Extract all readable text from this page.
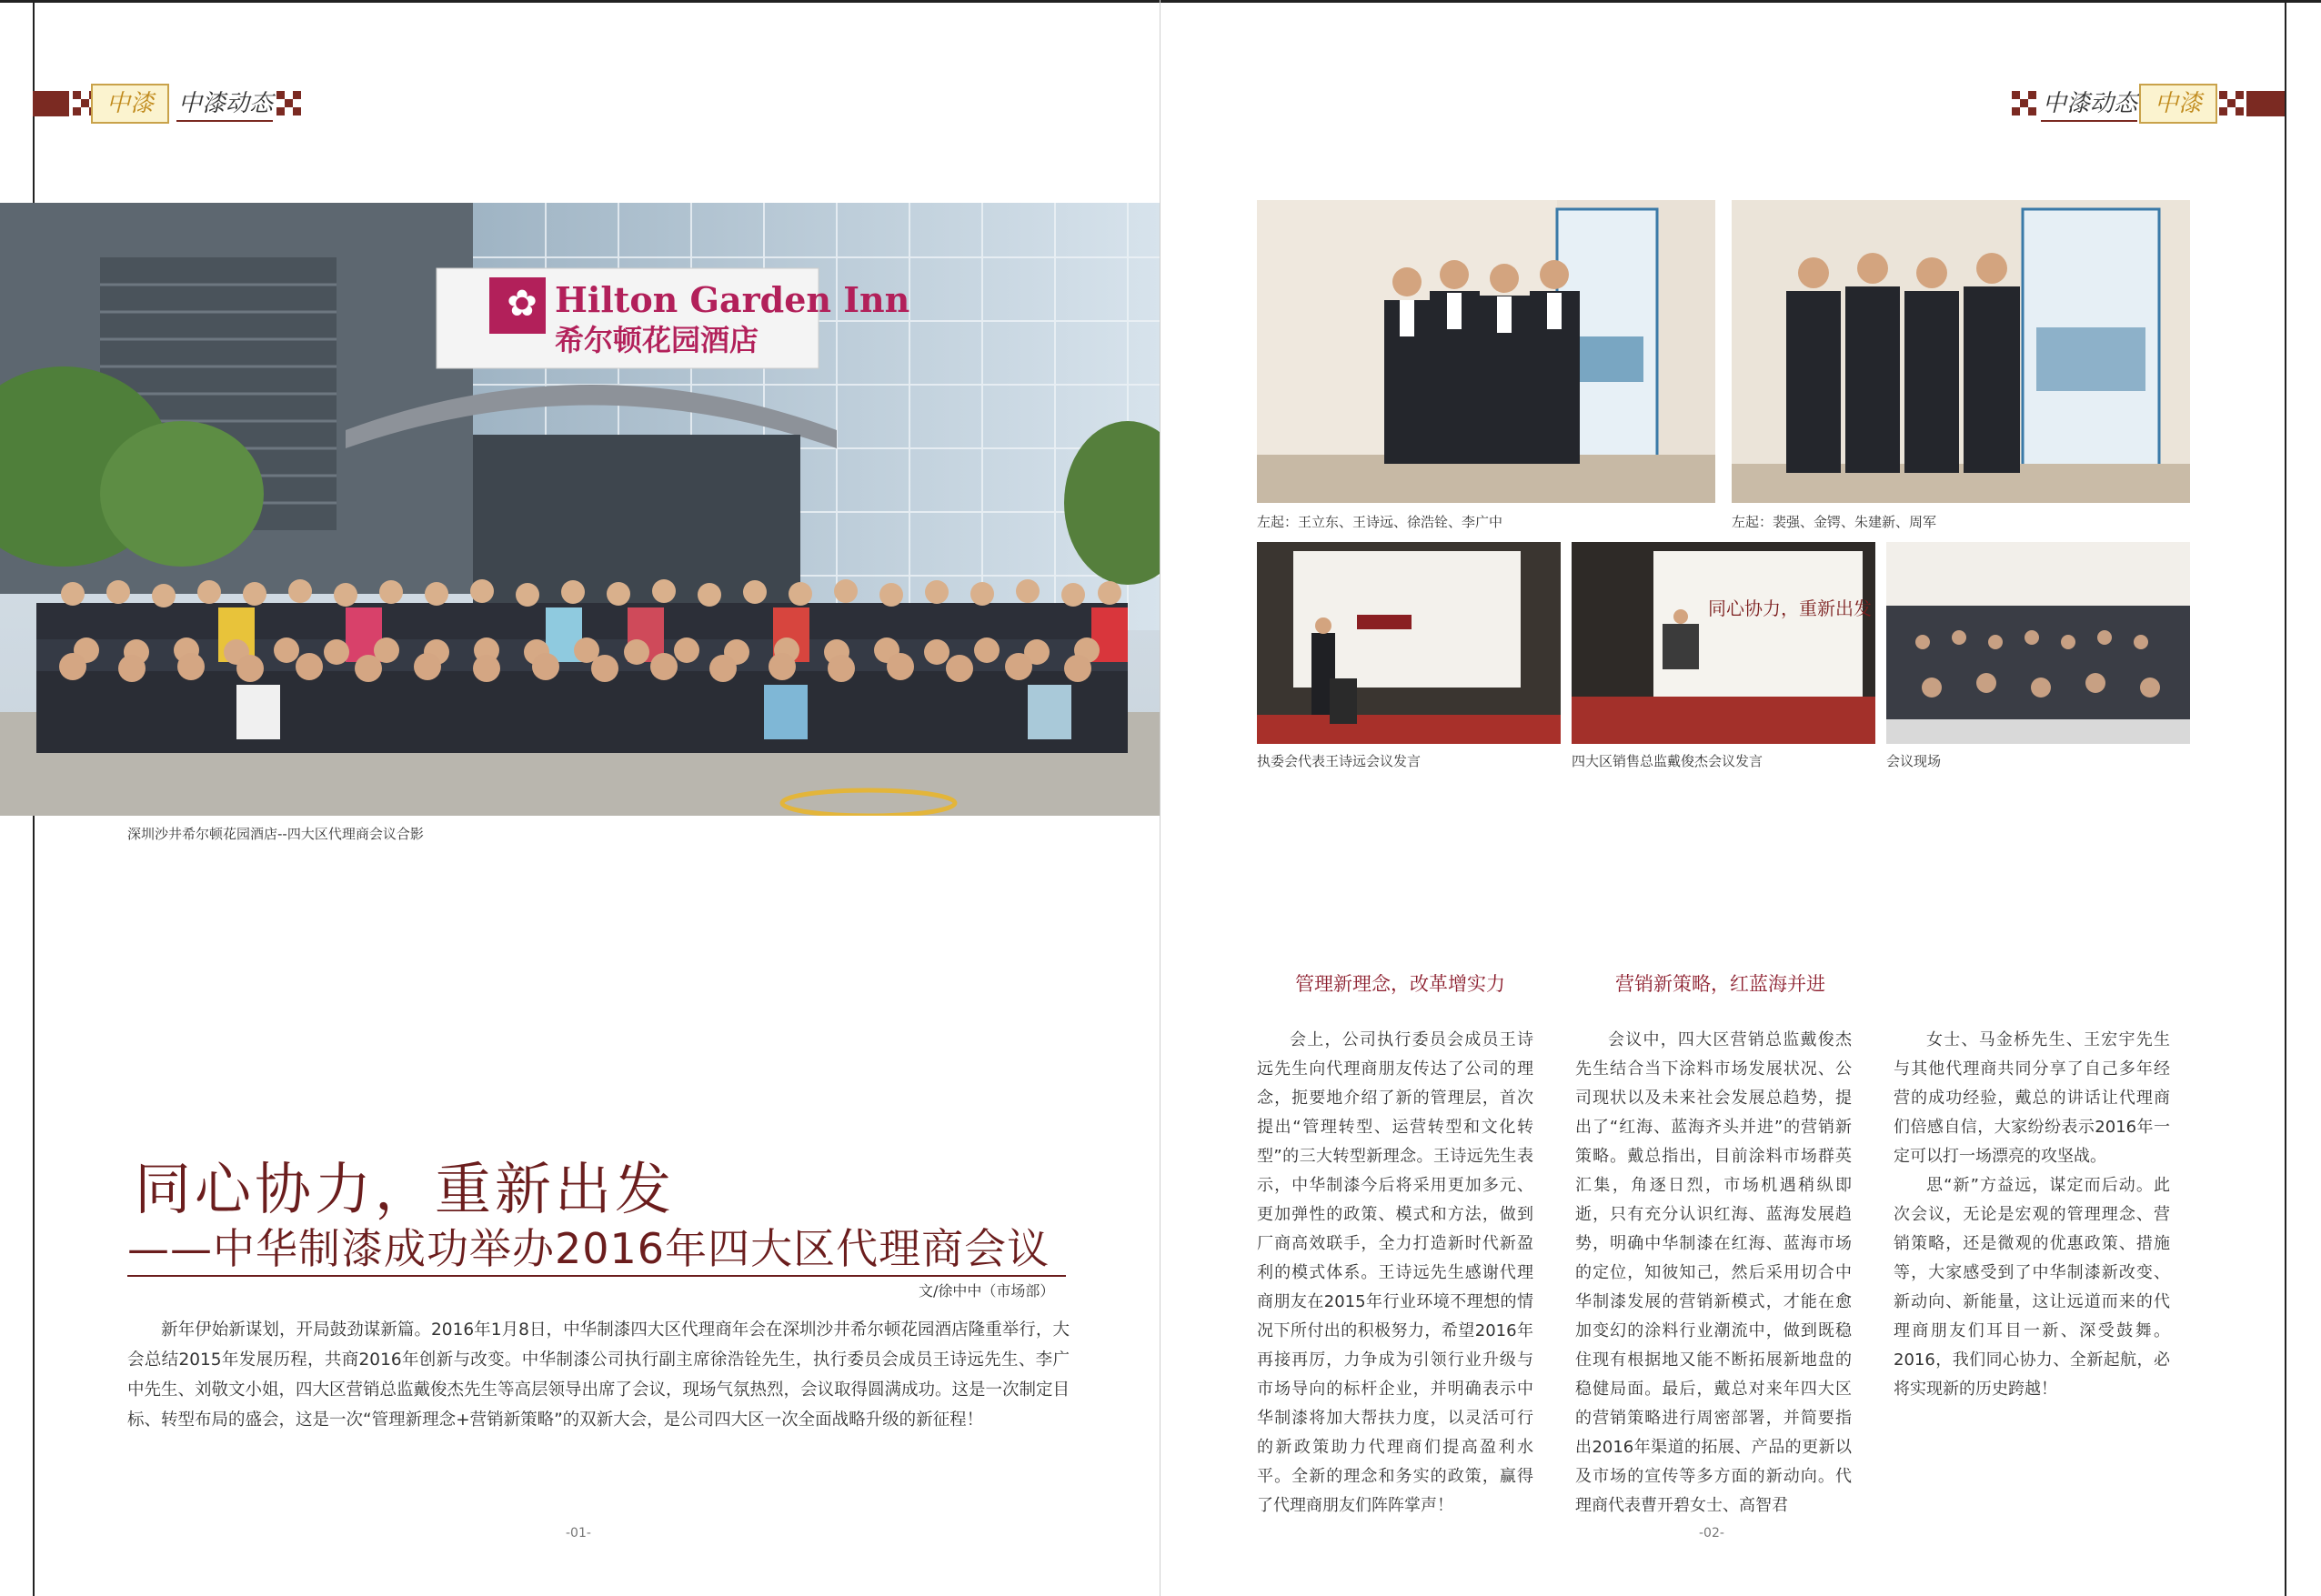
中漆	中漆动态
✿ Hilton Garden Inn
希尔顿花园酒店
深圳沙井希尔顿花园酒店--四大区代理商会议合影
同心协力，重新出发
——中华制漆成功举办2016年四大区代理商会议
文/徐中中（市场部）

新年伊始新谋划，开局鼓劲谋新篇。2016年1月8日，中华制漆四大区代理商年会在深圳沙井希尔顿花园酒店隆重举行，大会总结2015年发展历程，共商2016年创新与改变。中华制漆公司执行副主席徐浩铨先生，执行委员会成员王诗远先生、李广中先生、刘敬文小姐，四大区营销总监戴俊杰先生等高层领导出席了会议，现场气氛热烈，会议取得圆满成功。这是一次制定目标、转型布局的盛会，这是一次“管理新理念+营销新策略”的双新大会，是公司四大区一次全面战略升级的新征程！

-01-
中漆动态 中漆
左起：王立东、王诗远、徐浩铨、李广中	左起：裴强、金锷、朱建新、周军
执委会代表王诗远会议发言
同心协力，重新出发
四大区销售总监戴俊杰会议发言	会议现场
管理新理念，改革增实力	营销新策略，红蓝海并进

会上，公司执行委员会成员王诗远先生向代理商朋友传达了公司的理念，扼要地介绍了新的管理层，首次提出“管理转型、运营转型和文化转型”的三大转型新理念。王诗远先生表示，中华制漆今后将采用更加多元、更加弹性的政策、模式和方法，做到厂商高效联手，全力打造新时代新盈利的模式体系。王诗远先生感谢代理商朋友在2015年行业环境不理想的情况下所付出的积极努力，希望2016年再接再厉，力争成为引领行业升级与市场导向的标杆企业，并明确表示中华制漆将加大帮扶力度，以灵活可行的新政策助力代理商们提高盈利水平。全新的理念和务实的政策，赢得了代理商朋友们阵阵掌声！

会议中，四大区营销总监戴俊杰先生结合当下涂料市场发展状况、公司现状以及未来社会发展总趋势，提出了“红海、蓝海齐头并进”的营销新策略。戴总指出，目前涂料市场群英汇集，角逐日烈，市场机遇稍纵即逝，只有充分认识红海、蓝海发展趋势，明确中华制漆在红海、蓝海市场的定位，知彼知己，然后采用切合中华制漆发展的营销新模式，才能在愈加变幻的涂料行业潮流中，做到既稳住现有根据地又能不断拓展新地盘的稳健局面。最后，戴总对来年四大区的营销策略进行周密部署，并简要指出2016年渠道的拓展、产品的更新以及市场的宣传等多方面的新动向。代理商代表曹开碧女士、高智君

女士、马金桥先生、王宏宇先生与其他代理商共同分享了自己多年经营的成功经验，戴总的讲话让代理商们倍感自信，大家纷纷表示2016年一定可以打一场漂亮的攻坚战。

思“新”方益远，谋定而后动。此次会议，无论是宏观的管理理念、营销策略，还是微观的优惠政策、措施等，大家感受到了中华制漆新改变、新动向、新能量，这让远道而来的代理商朋友们耳目一新、深受鼓舞。2016，我们同心协力、全新起航，必将实现新的历史跨越！

-02-
